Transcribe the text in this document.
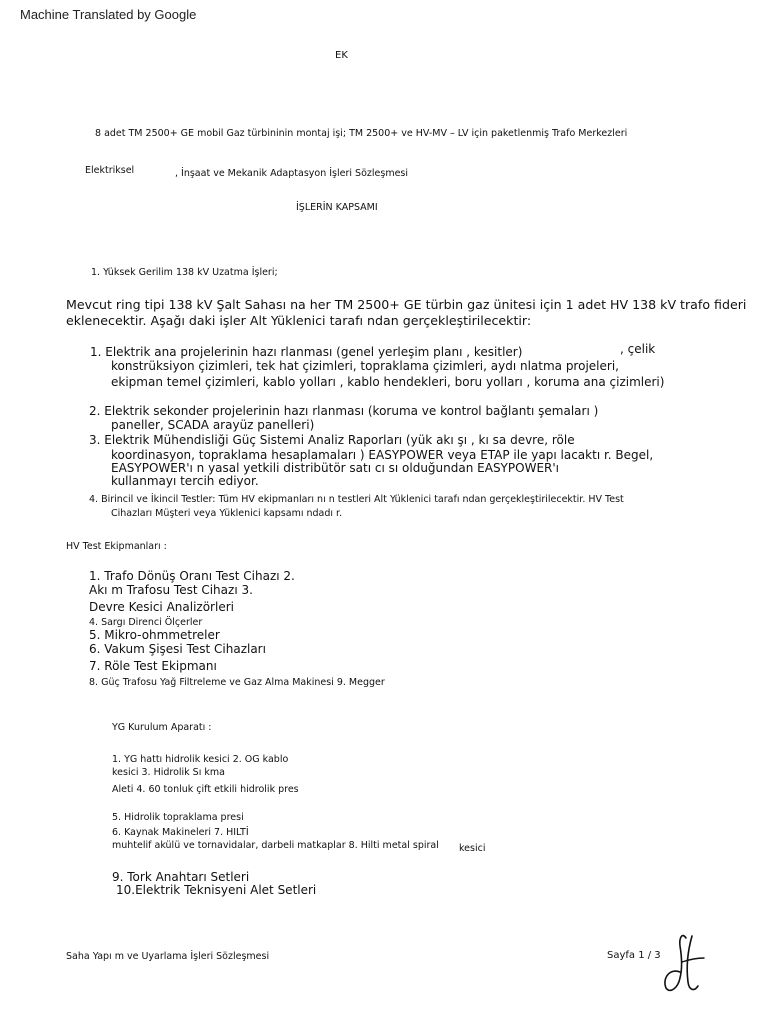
Machine Translated by Google
EK
8 adet TM 2500+ GE mobil Gaz türbininin montaj işi; TM 2500+ ve HV-MV – LV için paketlenmiş Trafo Merkezleri
Elektriksel	, İnşaat ve Mekanik Adaptasyon İşleri Sözleşmesi
İŞLERİN KAPSAMI
1. Yüksek Gerilim 138 kV Uzatma İşleri;
Mevcut ring tipi 138 kV Şalt Sahası na her TM 2500+ GE türbin gaz ünitesi için 1 adet HV 138 kV trafo fideri
eklenecektir. Aşağı daki işler Alt Yüklenici tarafı ndan gerçekleştirilecektir:
1. Elektrik ana projelerinin hazı rlanması (genel yerleşim planı , kesitler)	, çelik
konstrüksiyon çizimleri, tek hat çizimleri, topraklama çizimleri, aydı nlatma projeleri,
ekipman temel çizimleri, kablo yolları , kablo hendekleri, boru yolları , koruma ana çizimleri)
2. Elektrik sekonder projelerinin hazı rlanması (koruma ve kontrol bağlantı şemaları )
paneller, SCADA arayüz panelleri)
3. Elektrik Mühendisliği Güç Sistemi Analiz Raporları (yük akı şı , kı sa devre, röle
koordinasyon, topraklama hesaplamaları ) EASYPOWER veya ETAP ile yapı lacaktı r. Begel,
EASYPOWER'ı n yasal yetkili distribütör satı cı sı olduğundan EASYPOWER'ı
kullanmayı tercih ediyor.
4. Birincil ve İkincil Testler: Tüm HV ekipmanları nı n testleri Alt Yüklenici tarafı ndan gerçekleştirilecektir. HV Test
Cihazları Müşteri veya Yüklenici kapsamı ndadı r.
HV Test Ekipmanları :
1. Trafo Dönüş Oranı Test Cihazı 2.
Akı m Trafosu Test Cihazı 3.
Devre Kesici Analizörleri
4. Sargı Direnci Ölçerler
5. Mikro-ohmmetreler
6. Vakum Şişesi Test Cihazları
7. Röle Test Ekipmanı
8. Güç Trafosu Yağ Filtreleme ve Gaz Alma Makinesi 9. Megger
YG Kurulum Aparatı :
1. YG hattı hidrolik kesici 2. OG kablo
kesici 3. Hidrolik Sı kma
Aleti 4. 60 tonluk çift etkili hidrolik pres
5. Hidrolik topraklama presi
6. Kaynak Makineleri 7. HILTİ
muhtelif akülü ve tornavidalar, darbeli matkaplar 8. Hilti metal spiral kesici
9. Tork Anahtarı Setleri
10.Elektrik Teknisyeni Alet Setleri
Saha Yapı m ve Uyarlama İşleri Sözleşmesi	Sayfa 1 / 3
